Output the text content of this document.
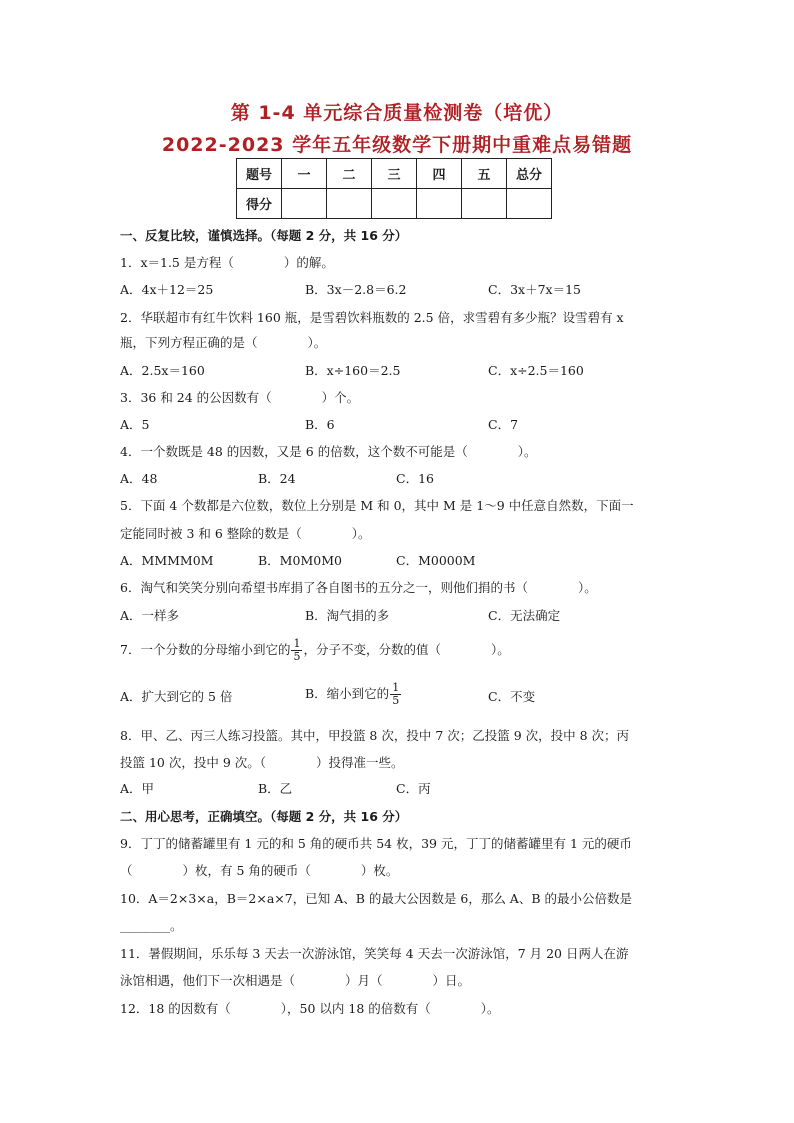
第 1-4 单元综合质量检测卷（培优）
2022-2023 学年五年级数学下册期中重难点易错题
题号	一	二	三	四	五	总分
得分						
一、反复比较，谨慎选择。（每题 2 分，共 16 分）
1．x＝1.5 是方程（　　　　）的解。
A．4x＋12＝25	B．3x－2.8＝6.2	C．3x＋7x＝15
2．华联超市有红牛饮料 160 瓶，是雪碧饮料瓶数的 2.5 倍，求雪碧有多少瓶？设雪碧有 x
瓶，下列方程正确的是（　　　　）。
A．2.5x＝160	B．x÷160＝2.5	C．x÷2.5＝160
3．36 和 24 的公因数有（　　　　）个。
A．5	B．6	C．7
4．一个数既是 48 的因数，又是 6 的倍数，这个数不可能是（　　　　）。
A．48	B．24	C．16
5．下面 4 个数都是六位数，数位上分别是 M 和 0，其中 M 是 1～9 中任意自然数，下面一
定能同时被 3 和 6 整除的数是（　　　　）。
A．MMMM0M	B．M0M0M0	C．M0000M
6．淘气和笑笑分别向希望书库捐了各自图书的五分之一，则他们捐的书（　　　　）。
A．一样多	B．淘气捐的多	C．无法确定
7．一个分数的分母缩小到它的 $\frac{1}{5}$ ，分子不变，分数的值（　　　　）。
A．扩大到它的 5 倍	B．缩小到它的 $\frac{1}{5}$	C．不变
8．甲、乙、丙三人练习投篮。其中，甲投篮 8 次，投中 7 次；乙投篮 9 次，投中 8 次；丙
投篮 10 次，投中 9 次。（　　　　）投得准一些。
A．甲	B．乙	C．丙
二、用心思考，正确填空。（每题 2 分，共 16 分）
9．丁丁的储蓄罐里有 1 元的和 5 角的硬币共 54 枚，39 元，丁丁的储蓄罐里有 1 元的硬币
（　　　　）枚，有 5 角的硬币（　　　　）枚。
10．A＝2×3×a，B＝2×a×7，已知 A、B 的最大公因数是 6，那么 A、B 的最小公倍数是
________。
11．暑假期间，乐乐每 3 天去一次游泳馆，笑笑每 4 天去一次游泳馆，7 月 20 日两人在游
泳馆相遇，他们下一次相遇是（　　　　）月（　　　　）日。
12．18 的因数有（　　　　），50 以内 18 的倍数有（　　　　）。
